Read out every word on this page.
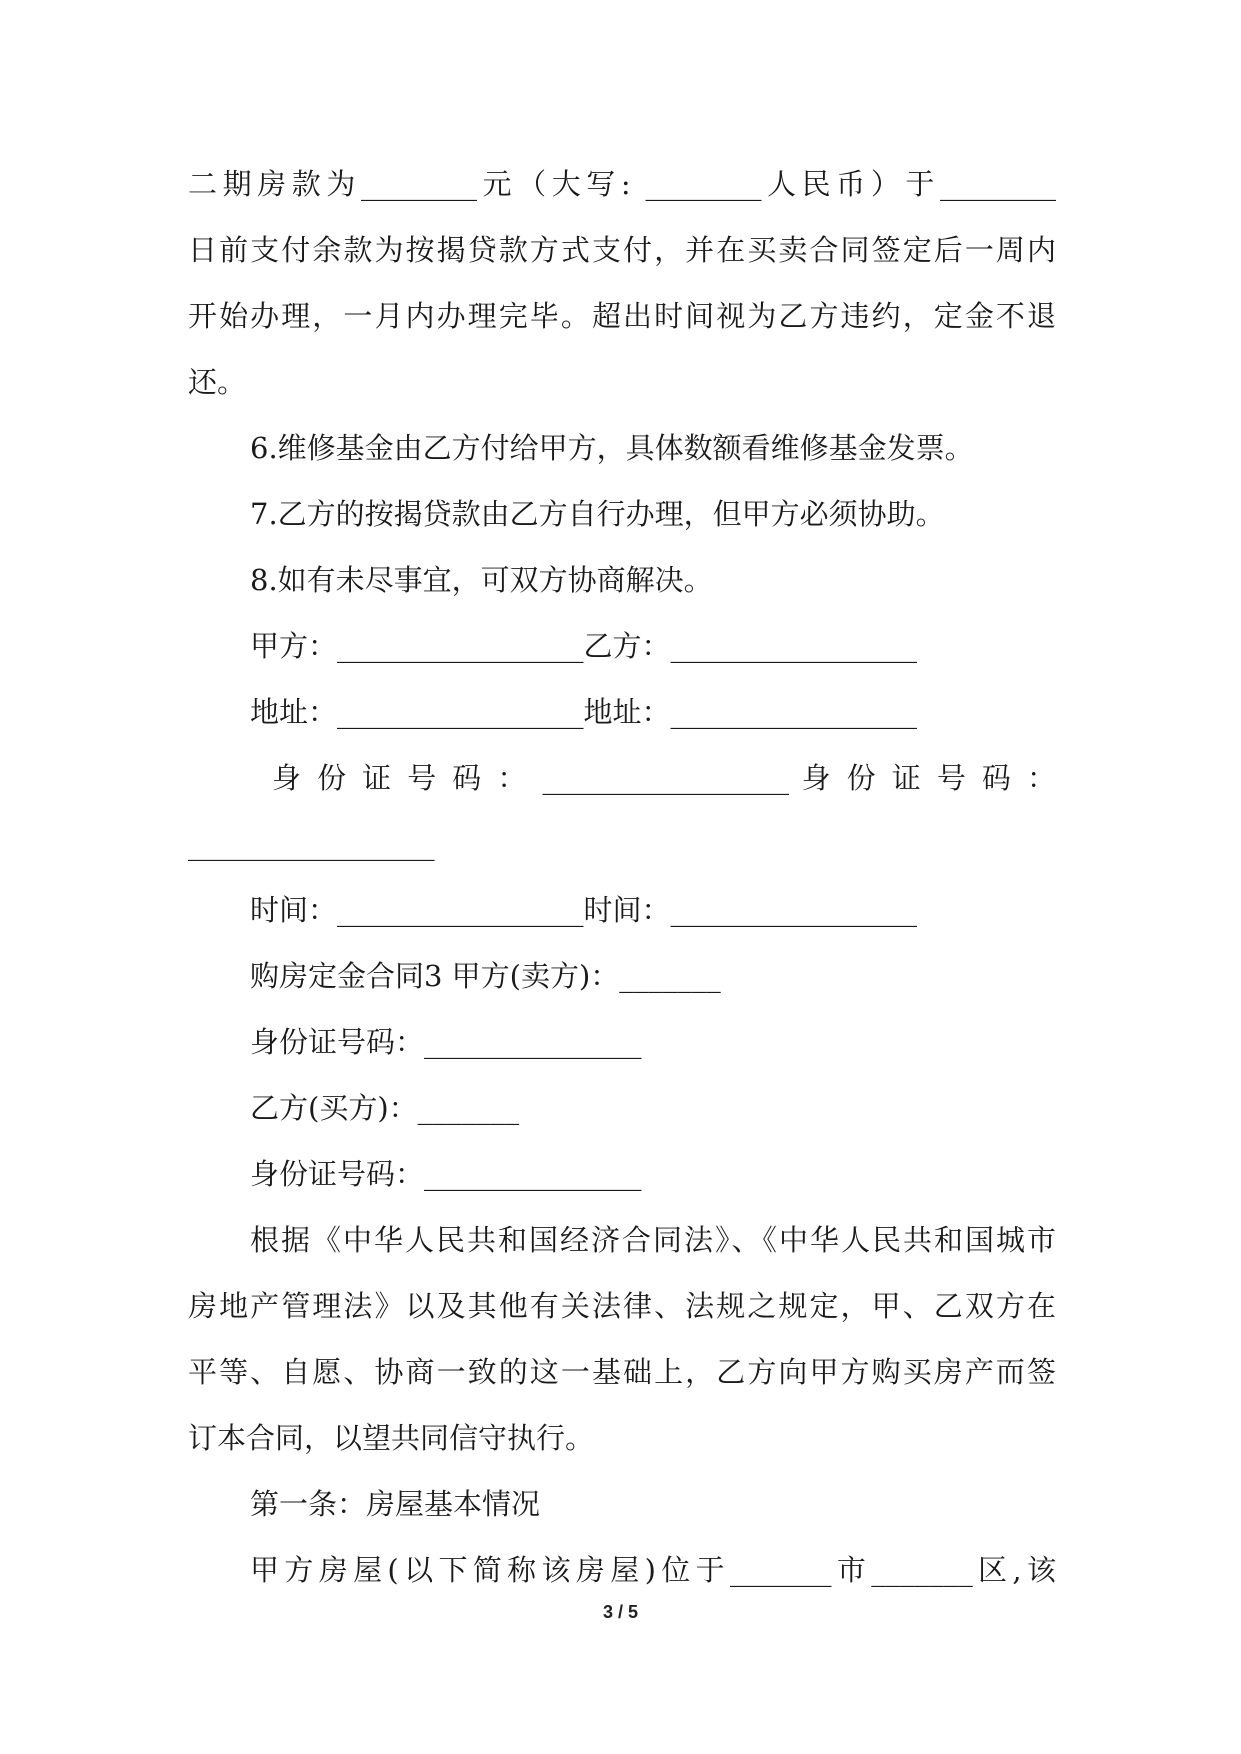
二期房款为________元（大写: ________人民币）于________
日前支付余款为按揭贷款方式支付，并在买卖合同签定后一周内
开始办理，一月内办理完毕。超出时间视为乙方违约，定金不退
还。
6.维修基金由乙方付给甲方，具体数额看维修基金发票。
7.乙方的按揭贷款由乙方自行办理，但甲方必须协助。
8.如有未尽事宜，可双方协商解决。
甲方：_________________乙方：_________________
地址：_________________地址：_________________
身 份 证 号 码 ： _________________ 身 份 证 号 码 ：
_________________
时间：_________________时间：_________________
购房定金合同3 甲方(卖方)：_______
身份证号码：_______________
乙方(买方)：_______
身份证号码：_______________
根据《中华人民共和国经济合同法》、《中华人民共和国城市
房地产管理法》以及其他有关法律、法规之规定，甲、乙双方在
平等、自愿、协商一致的这一基础上，乙方向甲方购买房产而签
订本合同，以望共同信守执行。
第一条：房屋基本情况
甲方房屋(以下简称该房屋)位于_______市_______区,该
3 / 5
